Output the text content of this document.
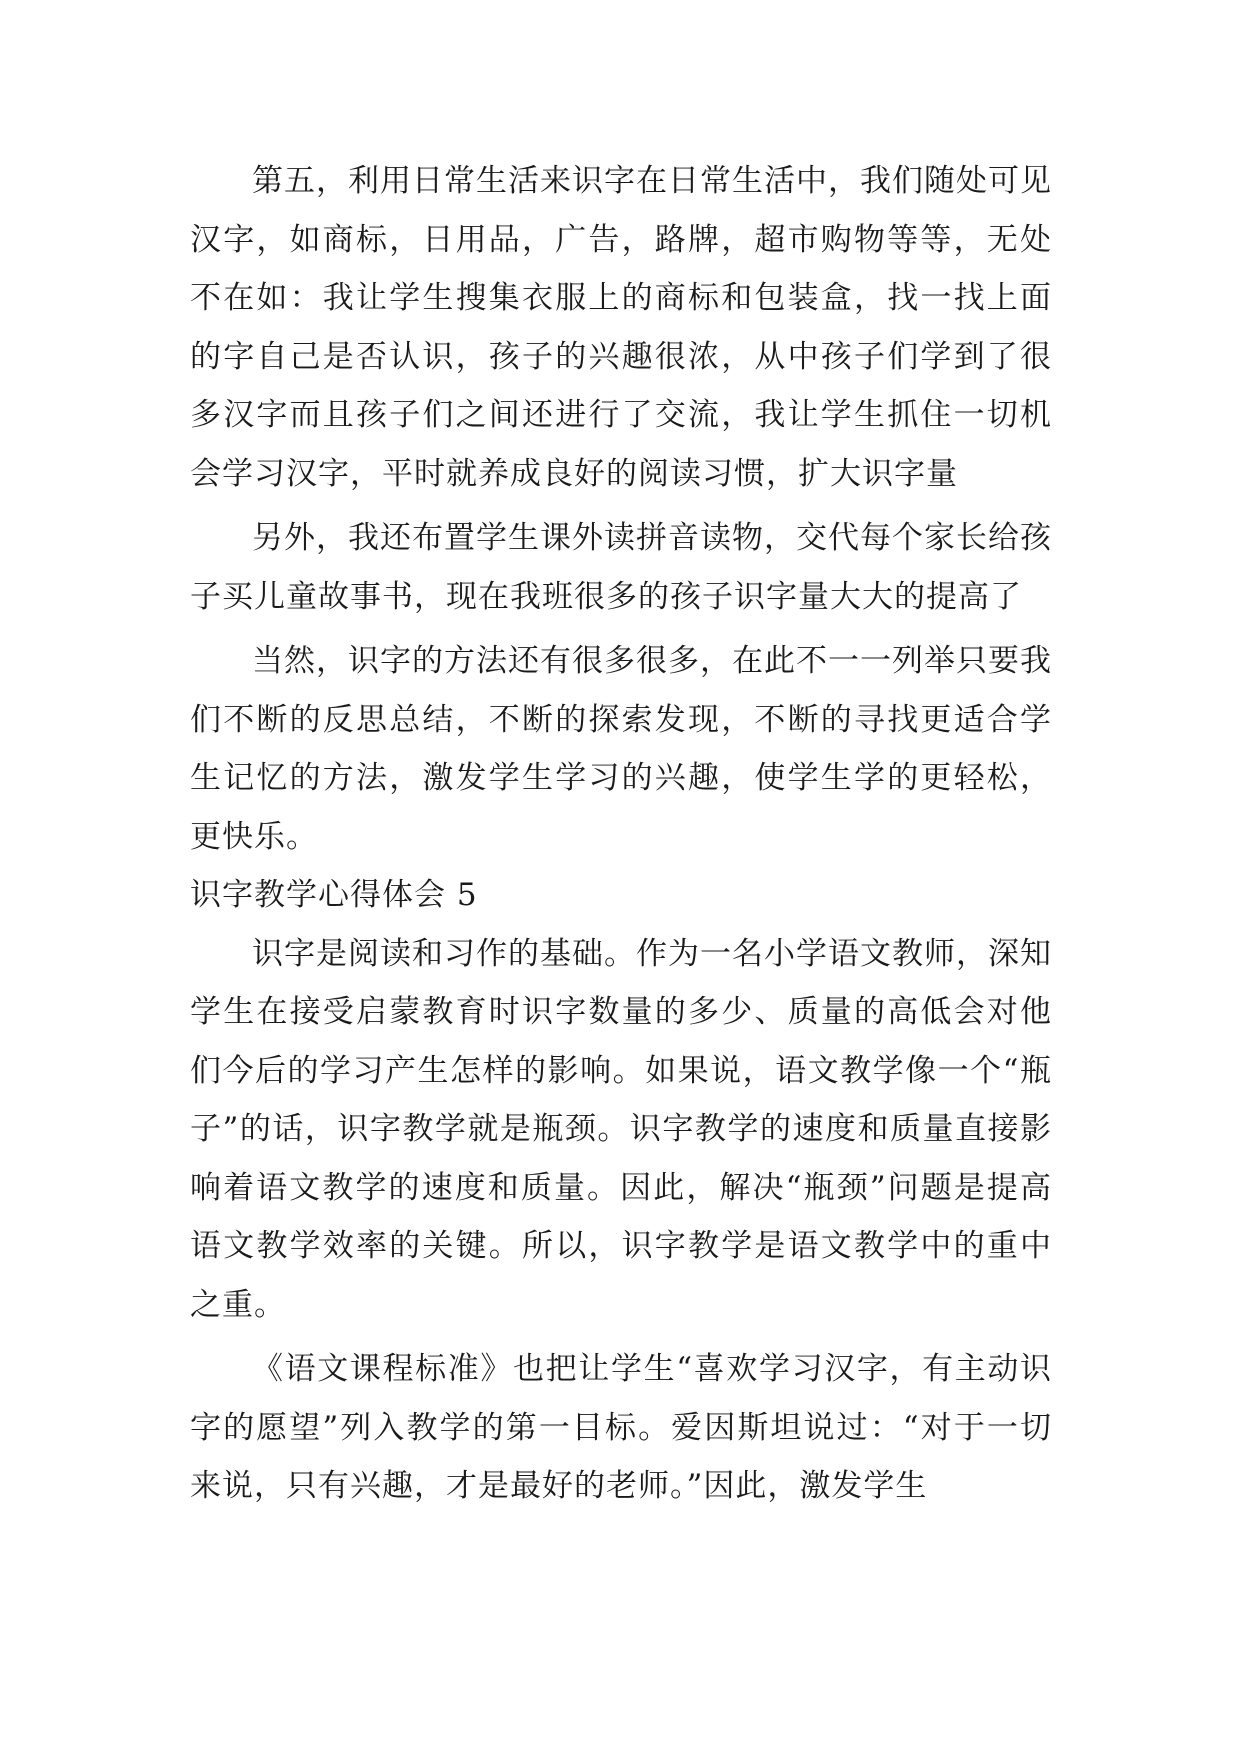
第五，利用日常生活来识字在日常生活中，我们随处可见汉字，如商标，日用品，广告，路牌，超市购物等等，无处不在如：我让学生搜集衣服上的商标和包装盒，找一找上面的字自己是否认识，孩子的兴趣很浓，从中孩子们学到了很多汉字而且孩子们之间还进行了交流，我让学生抓住一切机会学习汉字，平时就养成良好的阅读习惯，扩大识字量

另外，我还布置学生课外读拼音读物，交代每个家长给孩子买儿童故事书，现在我班很多的孩子识字量大大的提高了

当然，识字的方法还有很多很多，在此不一一列举只要我们不断的反思总结，不断的探索发现，不断的寻找更适合学生记忆的方法，激发学生学习的兴趣，使学生学的更轻松，更快乐。

识字教学心得体会 5

识字是阅读和习作的基础。作为一名小学语文教师，深知学生在接受启蒙教育时识字数量的多少、质量的高低会对他们今后的学习产生怎样的影响。如果说，语文教学像一个“瓶子”的话，识字教学就是瓶颈。识字教学的速度和质量直接影响着语文教学的速度和质量。因此，解决“瓶颈”问题是提高语文教学效率的关键。所以，识字教学是语文教学中的重中之重。

《语文课程标准》也把让学生“喜欢学习汉字，有主动识字的愿望”列入教学的第一目标。爱因斯坦说过：“对于一切来说，只有兴趣，才是最好的老师。”因此，激发学生
